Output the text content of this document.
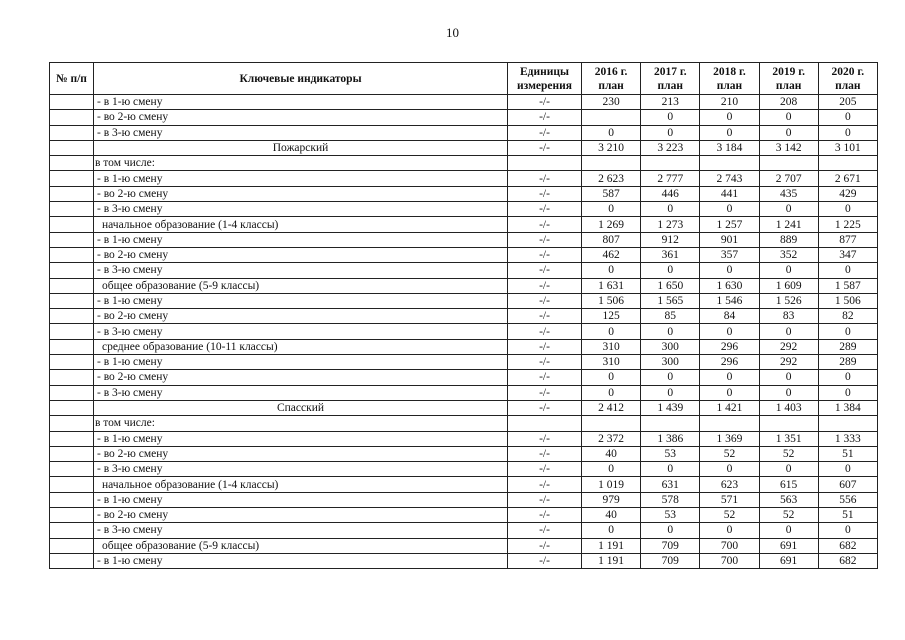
10
№ п/п	Ключевые индикаторы	Единицы измерения	2016 г. план	2017 г. план	2018 г. план	2019 г. план	2020 г. план
	- в 1-ю смену	-/-	230	213	210	208	205
	- во 2-ю смену	-/-		0	0	0	0
	- в 3-ю смену	-/-	0	0	0	0	0
	Пожарский	-/-	3 210	3 223	3 184	3 142	3 101
	в том числе:						
	- в 1-ю смену	-/-	2 623	2 777	2 743	2 707	2 671
	- во 2-ю смену	-/-	587	446	441	435	429
	- в 3-ю смену	-/-	0	0	0	0	0
	начальное образование (1-4 классы)	-/-	1 269	1 273	1 257	1 241	1 225
	- в 1-ю смену	-/-	807	912	901	889	877
	- во 2-ю смену	-/-	462	361	357	352	347
	- в 3-ю смену	-/-	0	0	0	0	0
	общее образование (5-9 классы)	-/-	1 631	1 650	1 630	1 609	1 587
	- в 1-ю смену	-/-	1 506	1 565	1 546	1 526	1 506
	- во 2-ю смену	-/-	125	85	84	83	82
	- в 3-ю смену	-/-	0	0	0	0	0
	среднее образование (10-11 классы)	-/-	310	300	296	292	289
	- в 1-ю смену	-/-	310	300	296	292	289
	- во 2-ю смену	-/-	0	0	0	0	0
	- в 3-ю смену	-/-	0	0	0	0	0
	Спасский	-/-	2 412	1 439	1 421	1 403	1 384
	в том числе:						
	- в 1-ю смену	-/-	2 372	1 386	1 369	1 351	1 333
	- во 2-ю смену	-/-	40	53	52	52	51
	- в 3-ю смену	-/-	0	0	0	0	0
	начальное образование (1-4 классы)	-/-	1 019	631	623	615	607
	- в 1-ю смену	-/-	979	578	571	563	556
	- во 2-ю смену	-/-	40	53	52	52	51
	- в 3-ю смену	-/-	0	0	0	0	0
	общее образование (5-9 классы)	-/-	1 191	709	700	691	682
	- в 1-ю смену	-/-	1 191	709	700	691	682
